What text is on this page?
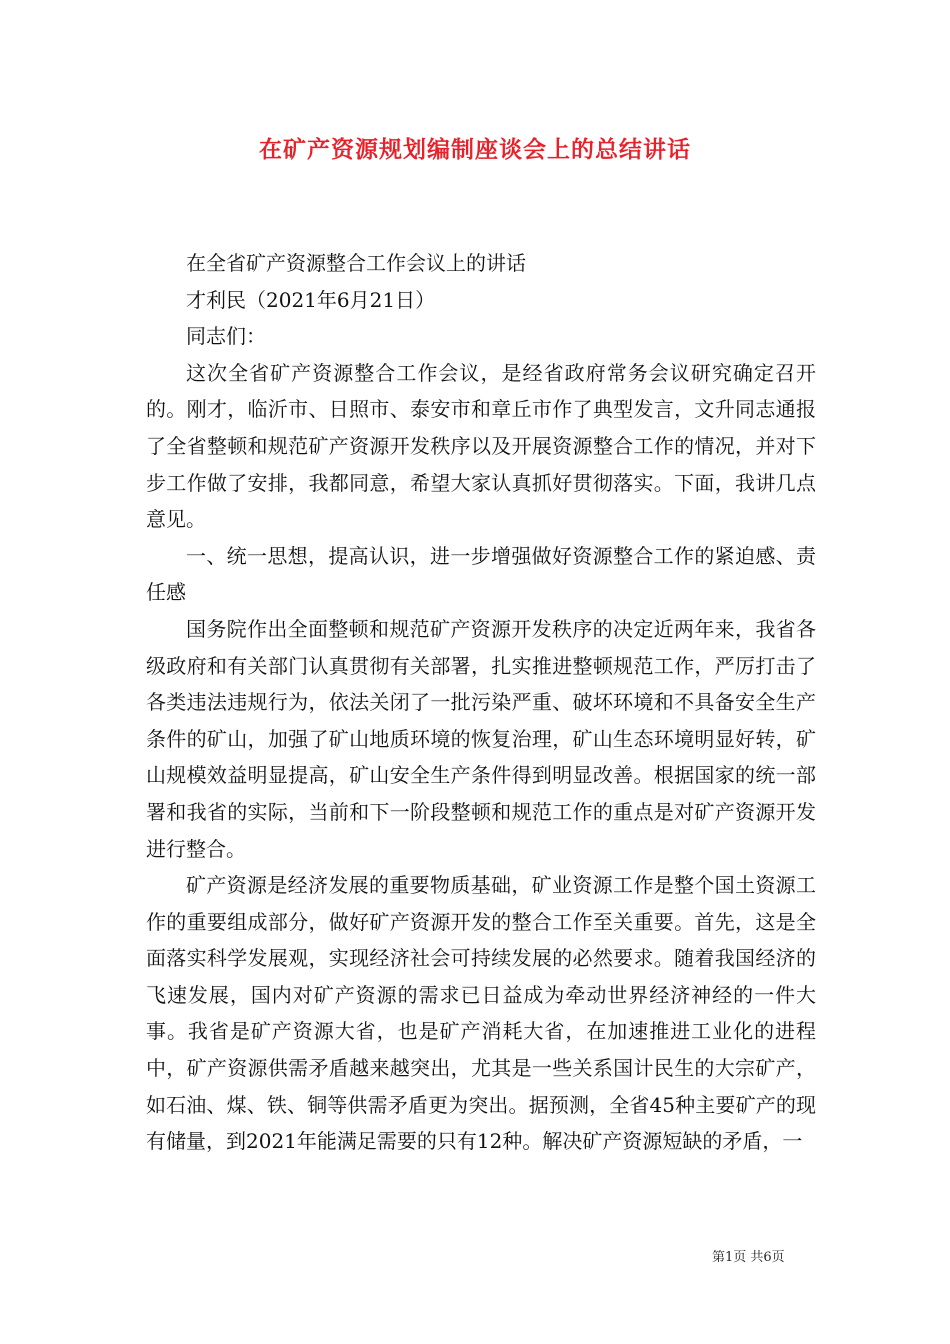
在矿产资源规划编制座谈会上的总结讲话

在全省矿产资源整合工作会议上的讲话

才利民（2021年6月21日）

同志们：

这次全省矿产资源整合工作会议，是经省政府常务会议研究确定召开的。刚才，临沂市、日照市、泰安市和章丘市作了典型发言，文升同志通报了全省整顿和规范矿产资源开发秩序以及开展资源整合工作的情况，并对下步工作做了安排，我都同意，希望大家认真抓好贯彻落实。下面，我讲几点意见。

一、统一思想，提高认识，进一步增强做好资源整合工作的紧迫感、责任感

国务院作出全面整顿和规范矿产资源开发秩序的决定近两年来，我省各级政府和有关部门认真贯彻有关部署，扎实推进整顿规范工作，严厉打击了各类违法违规行为，依法关闭了一批污染严重、破坏环境和不具备安全生产条件的矿山，加强了矿山地质环境的恢复治理，矿山生态环境明显好转，矿山规模效益明显提高，矿山安全生产条件得到明显改善。根据国家的统一部署和我省的实际，当前和下一阶段整顿和规范工作的重点是对矿产资源开发进行整合。

矿产资源是经济发展的重要物质基础，矿业资源工作是整个国土资源工作的重要组成部分，做好矿产资源开发的整合工作至关重要。首先，这是全面落实科学发展观，实现经济社会可持续发展的必然要求。随着我国经济的飞速发展，国内对矿产资源的需求已日益成为牵动世界经济神经的一件大事。我省是矿产资源大省，也是矿产消耗大省，在加速推进工业化的进程中，矿产资源供需矛盾越来越突出，尤其是一些关系国计民生的大宗矿产，如石油、煤、铁、铜等供需矛盾更为突出。据预测，全省45种主要矿产的现有储量，到2021年能满足需要的只有12种。解决矿产资源短缺的矛盾，一

第1页 共6页
